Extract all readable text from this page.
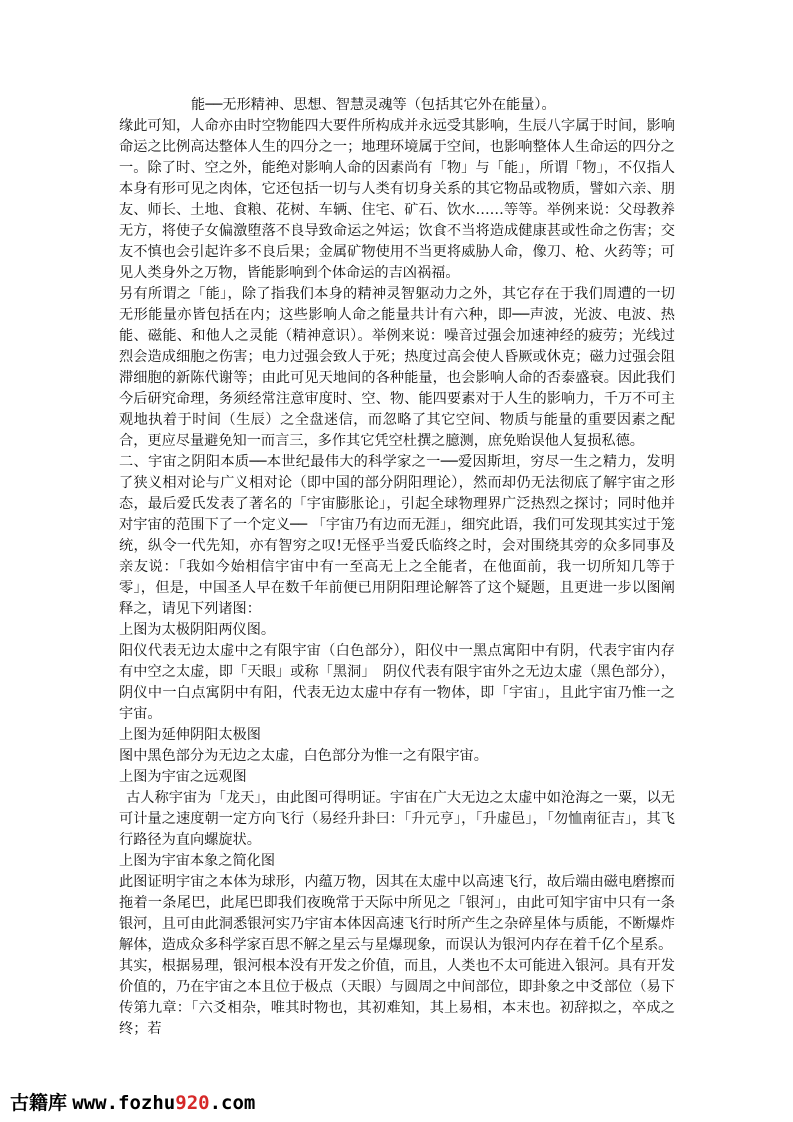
能──无形精神、思想、智慧灵魂等（包括其它外在能量）。

缘此可知，人命亦由时空物能四大要件所构成并永远受其影响，生辰八字属于时间，影响命运之比例高达整体人生的四分之一；地理环境属于空间，也影响整体人生命运的四分之一。除了时、空之外，能绝对影响人命的因素尚有「物」与「能」，所谓「物」，不仅指人本身有形可见之肉体，它还包括一切与人类有切身关系的其它物品或物质，譬如六亲、朋友、师长、土地、食粮、花树、车辆、住宅、矿石、饮水……等等。举例来说：父母教养无方，将使子女偏激堕落不良导致命运之舛运；饮食不当将造成健康甚或性命之伤害；交友不慎也会引起许多不良后果；金属矿物使用不当更将威胁人命，像刀、枪、火药等；可见人类身外之万物，皆能影响到个体命运的吉凶祸福。

另有所谓之「能」，除了指我们本身的精神灵智躯动力之外，其它存在于我们周遭的一切无形能量亦皆包括在内；这些影响人命之能量共计有六种，即──声波，光波、电波、热能、磁能、和他人之灵能（精神意识）。举例来说：噪音过强会加速神经的疲劳；光线过烈会造成细胞之伤害；电力过强会致人于死；热度过高会使人昏厥或休克；磁力过强会阻滞细胞的新陈代谢等；由此可见天地间的各种能量，也会影响人命的否泰盛衰。因此我们今后研究命理，务须经常注意审度时、空、物、能四要素对于人生的影响力，千万不可主观地执着于时间（生辰）之全盘迷信，而忽略了其它空间、物质与能量的重要因素之配合，更应尽量避免知一而言三，多作其它凭空杜撰之臆测，庶免贻误他人复损私德。

二、宇宙之阴阳本质──本世纪最伟大的科学家之一──爱因斯坦，穷尽一生之精力，发明了狭义相对论与广义相对论（即中国的部分阴阳理论），然而却仍无法彻底了解宇宙之形态，最后爱氏发表了著名的「宇宙膨胀论」，引起全球物理界广泛热烈之探讨；同时他并对宇宙的范围下了一个定义── 「宇宙乃有边而无涯」，细究此语，我们可发现其实过于笼统，纵令一代先知，亦有智穷之叹!无怪乎当爱氏临终之时，会对围绕其旁的众多同事及亲友说：「我如今始相信宇宙中有一至高无上之全能者，在他面前，我一切所知几等于零」，但是，中国圣人早在数千年前便已用阴阳理论解答了这个疑题，且更进一步以图阐释之，请见下列诸图：

上图为太极阴阳两仪图。

阳仪代表无边太虚中之有限宇宙（白色部分），阳仪中一黑点寓阳中有阴，代表宇宙内存有中空之太虚，即「天眼」或称「黑洞」　阴仪代表有限宇宙外之无边太虚（黑色部分），阴仪中一白点寓阴中有阳，代表无边太虚中存有一物体，即「宇宙」，且此宇宙乃惟一之宇宙。

上图为延伸阴阳太极图

图中黑色部分为无边之太虚，白色部分为惟一之有限宇宙。

上图为宇宙之远观图

古人称宇宙为「龙天」，由此图可得明证。宇宙在广大无边之太虚中如沧海之一粟，以无可计量之速度朝一定方向飞行（易经升卦曰：「升元亨」，「升虚邑」，「勿恤南征吉」，其飞行路径为直向螺旋状。

上图为宇宙本象之简化图

此图证明宇宙之本体为球形，内蕴万物，因其在太虚中以高速飞行，故后端由磁电磨擦而拖着一条尾巴，此尾巴即我们夜晚常于天际中所见之「银河」，由此可知宇宙中只有一条银河，且可由此洞悉银河实乃宇宙本体因高速飞行时所产生之杂碎星体与质能，不断爆炸解体，造成众多科学家百思不解之星云与星爆现象，而误认为银河内存在着千亿个星系。

其实，根据易理，银河根本没有开发之价值，而且，人类也不太可能进入银河。具有开发价值的，乃在宇宙之本且位于极点（天眼）与圆周之中间部位，即卦象之中爻部位（易下传第九章：「六爻相杂，唯其时物也，其初难知，其上易相，本末也。初辞拟之，卒成之终；若

古籍库 www.fozhu920.com
